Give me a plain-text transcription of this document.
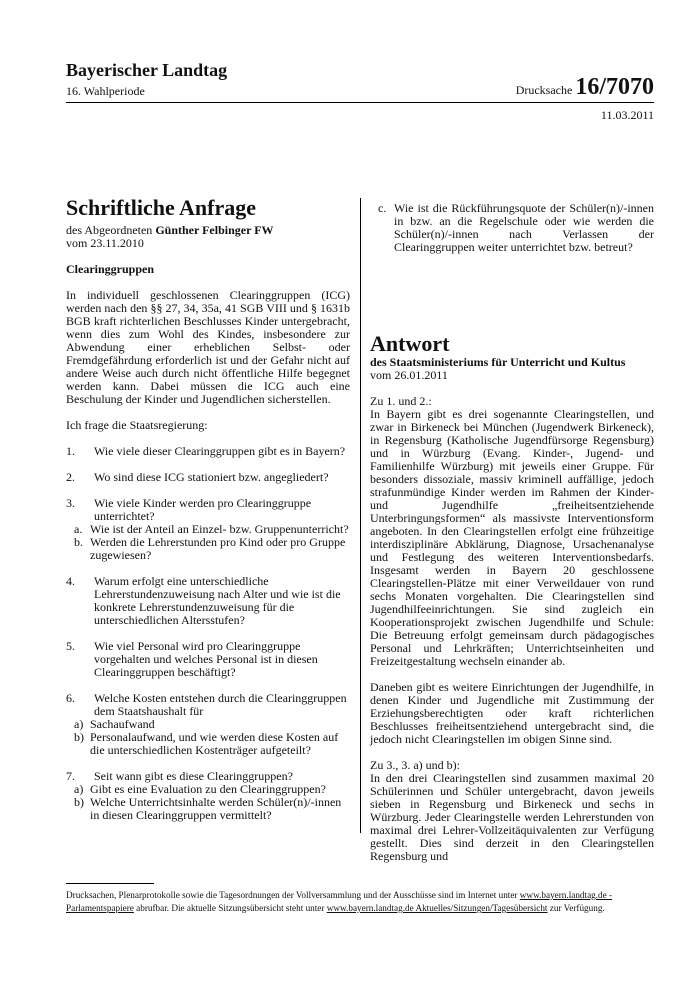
Bayerischer Landtag
16. Wahlperiode	Drucksache 16/7070
11.03.2011
Schriftliche Anfrage
des Abgeordneten Günther Felbinger FW
vom 23.11.2010
Clearinggruppen

In individuell geschlossenen Clearinggruppen (ICG) werden nach den §§ 27, 34, 35a, 41 SGB VIII und § 1631b BGB kraft richterlichen Beschlusses Kinder untergebracht, wenn dies zum Wohl des Kindes, insbesondere zur Abwendung einer erheblichen Selbst- oder Fremdgefährdung erforderlich ist und der Gefahr nicht auf andere Weise auch durch nicht öffentliche Hilfe begegnet werden kann. Dabei müssen die ICG auch eine Beschulung der Kinder und Jugendlichen sicherstellen.

Ich frage die Staatsregierung:

1.	Wie viele dieser Clearinggruppen gibt es in Bayern?
2.	Wo sind diese ICG stationiert bzw. angegliedert?
3.	Wie viele Kinder werden pro Clearinggruppe unterrichtet?
a. Wie ist der Anteil an Einzel- bzw. Gruppenunterricht?
b. Werden die Lehrerstunden pro Kind oder pro Gruppe zugewiesen?
4.	Warum erfolgt eine unterschiedliche Lehrerstundenzuweisung nach Alter und wie ist die konkrete Lehrerstundenzuweisung für die unterschiedlichen Altersstufen?
5.	Wie viel Personal wird pro Clearinggruppe vorgehalten und welches Personal ist in diesen Clearinggruppen beschäftigt?
6.	Welche Kosten entstehen durch die Clearinggruppen dem Staatshaushalt für
a) Sachaufwand
b) Personalaufwand, und wie werden diese Kosten auf die unterschiedlichen Kostenträger aufgeteilt?
7.	Seit wann gibt es diese Clearinggruppen?
a) Gibt es eine Evaluation zu den Clearinggruppen?
b) Welche Unterrichtsinhalte werden Schüler(n)/-innen in diesen Clearinggruppen vermittelt?
c. Wie ist die Rückführungsquote der Schüler(n)/-innen in bzw. an die Regelschule oder wie werden die Schüler(n)/-innen nach Verlassen der Clearinggruppen weiter unterrichtet bzw. betreut?
Antwort
des Staatsministeriums für Unterricht und Kultus
vom 26.01.2011
Zu 1. und 2.:

In Bayern gibt es drei sogenannte Clearingstellen, und zwar in Birkeneck bei München (Jugendwerk Birkeneck), in Regensburg (Katholische Jugendfürsorge Regensburg) und in Würzburg (Evang. Kinder-, Jugend- und Familienhilfe Würzburg) mit jeweils einer Gruppe. Für besonders dissoziale, massiv kriminell auffällige, jedoch strafunmündige Kinder werden im Rahmen der Kinder- und Jugendhilfe „freiheitsentziehende Unterbringungsformen“ als massivste Interventionsform angeboten. In den Clearingstellen erfolgt eine frühzeitige interdisziplinäre Abklärung, Diagnose, Ursachenanalyse und Festlegung des weiteren Interventionsbedarfs. Insgesamt werden in Bayern 20 geschlossene Clearingstellen-Plätze mit einer Verweildauer von rund sechs Monaten vorgehalten. Die Clearingstellen sind Jugendhilfeeinrichtungen. Sie sind zugleich ein Kooperationsprojekt zwischen Jugendhilfe und Schule: Die Betreuung erfolgt gemeinsam durch pädagogisches Personal und Lehrkräften; Unterrichtseinheiten und Freizeitgestaltung wechseln einander ab.

Daneben gibt es weitere Einrichtungen der Jugendhilfe, in denen Kinder und Jugendliche mit Zustimmung der Erziehungsberechtigten oder kraft richterlichen Beschlusses freiheitsentziehend untergebracht sind, die jedoch nicht Clearingstellen im obigen Sinne sind.

Zu 3., 3. a) und b):

In den drei Clearingstellen sind zusammen maximal 20 Schülerinnen und Schüler untergebracht, davon jeweils sieben in Regensburg und Birkeneck und sechs in Würzburg. Jeder Clearingstelle werden Lehrerstunden von maximal drei Lehrer-Vollzeitäquivalenten zur Verfügung gestellt. Dies sind derzeit in den Clearingstellen Regensburg und

Drucksachen, Plenarprotokolle sowie die Tagesordnungen der Vollversammlung und der Ausschüsse sind im Internet unter www.bayern.landtag.de - Parlamentspapiere abrufbar. Die aktuelle Sitzungsübersicht steht unter www.bayern.landtag.de Aktuelles/Sitzungen/Tagesübersicht zur Verfügung.
